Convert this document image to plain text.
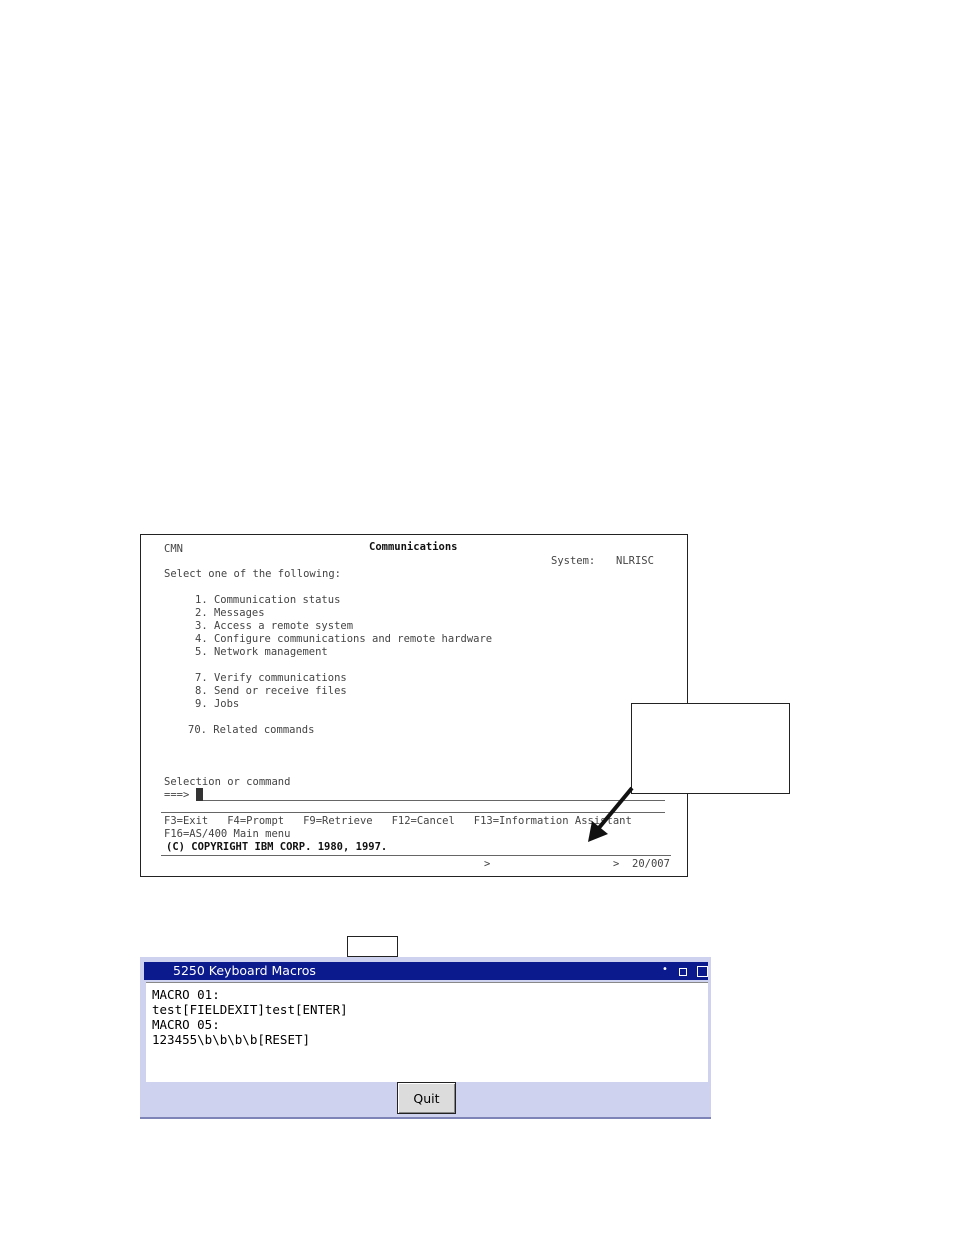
CMN	Communications
System: NLRISC
Select one of the following:
1. Communication status
2. Messages
3. Access a remote system
4. Configure communications and remote hardware
5. Network management
7. Verify communications
8. Send or receive files
9. Jobs
70. Related commands
Selection or command
===>
F3=Exit   F4=Prompt   F9=Retrieve   F12=Cancel   F13=Information Assistant
F16=AS/400 Main menu
(C) COPYRIGHT IBM CORP. 1980, 1997.
>	> 20/007
5250 Keyboard Macros	•
MACRO 01:
test[FIELDEXIT]test[ENTER]
MACRO 05:
123455\b\b\b\b[RESET]
Quit
